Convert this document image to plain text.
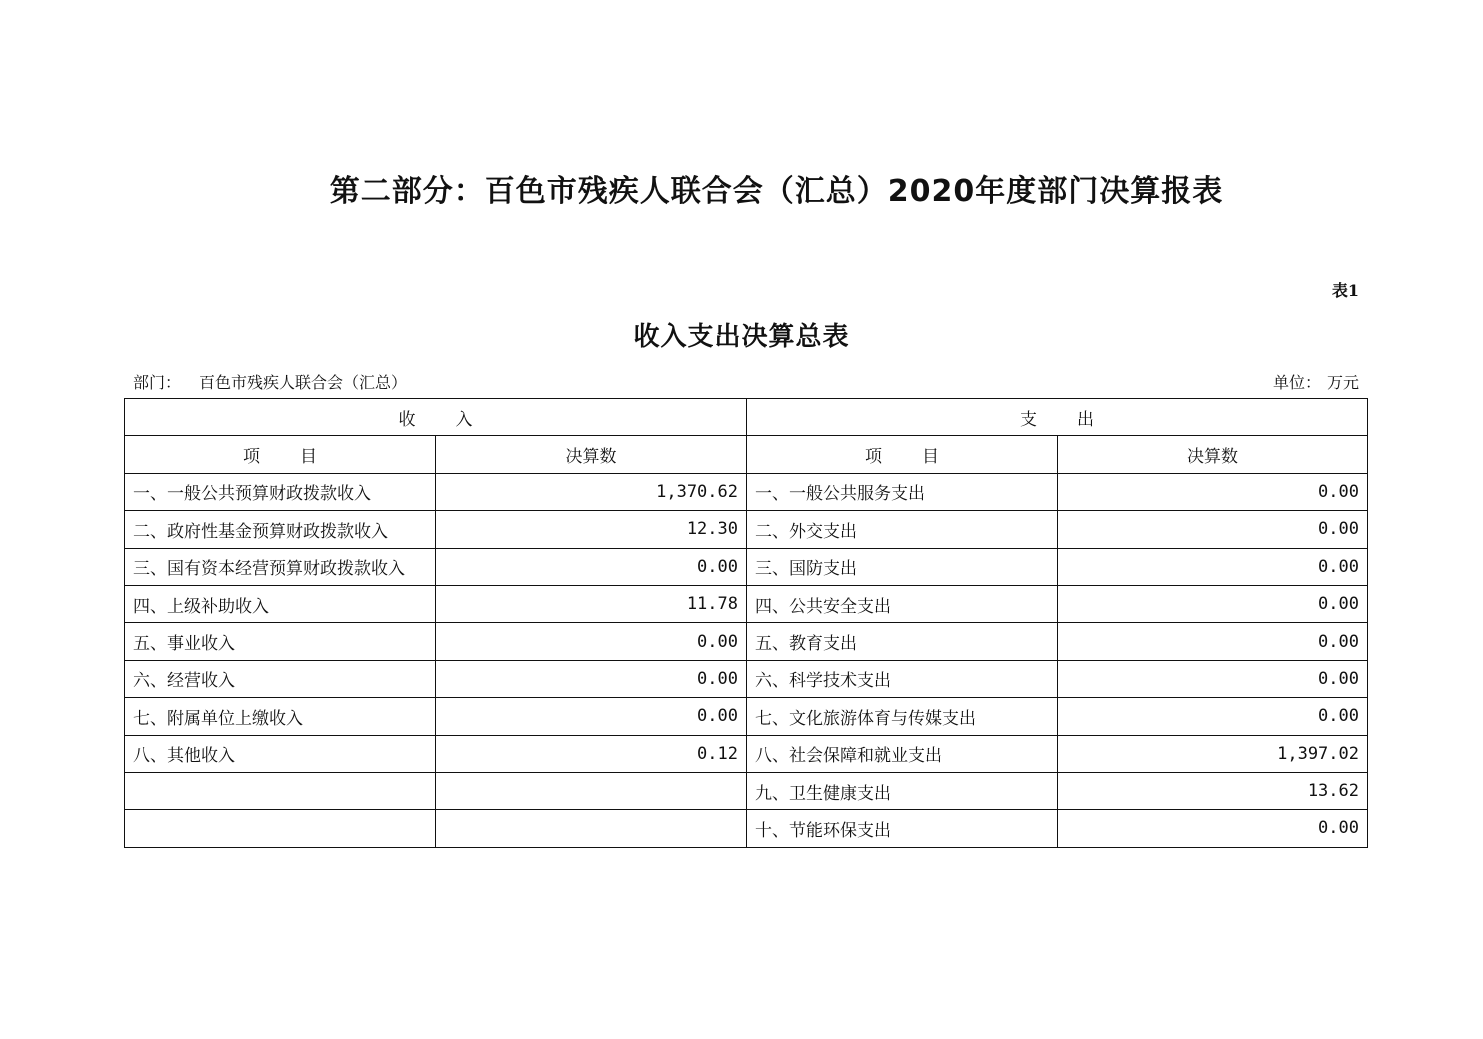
第二部分：百色市残疾人联合会（汇总）2020年度部门决算报表
表1
收入支出决算总表
部门： 百色市残疾人联合会（汇总）	单位： 万元
收入		支出	
项目	决算数	项目	决算数
一、一般公共预算财政拨款收入	1,370.62	一、一般公共服务支出	0.00
二、政府性基金预算财政拨款收入	12.30	二、外交支出	0.00
三、国有资本经营预算财政拨款收入	0.00	三、国防支出	0.00
四、上级补助收入	11.78	四、公共安全支出	0.00
五、事业收入	0.00	五、教育支出	0.00
六、经营收入	0.00	六、科学技术支出	0.00
七、附属单位上缴收入	0.00	七、文化旅游体育与传媒支出	0.00
八、其他收入	0.12	八、社会保障和就业支出	1,397.02
		九、卫生健康支出	13.62
		十、节能环保支出	0.00
